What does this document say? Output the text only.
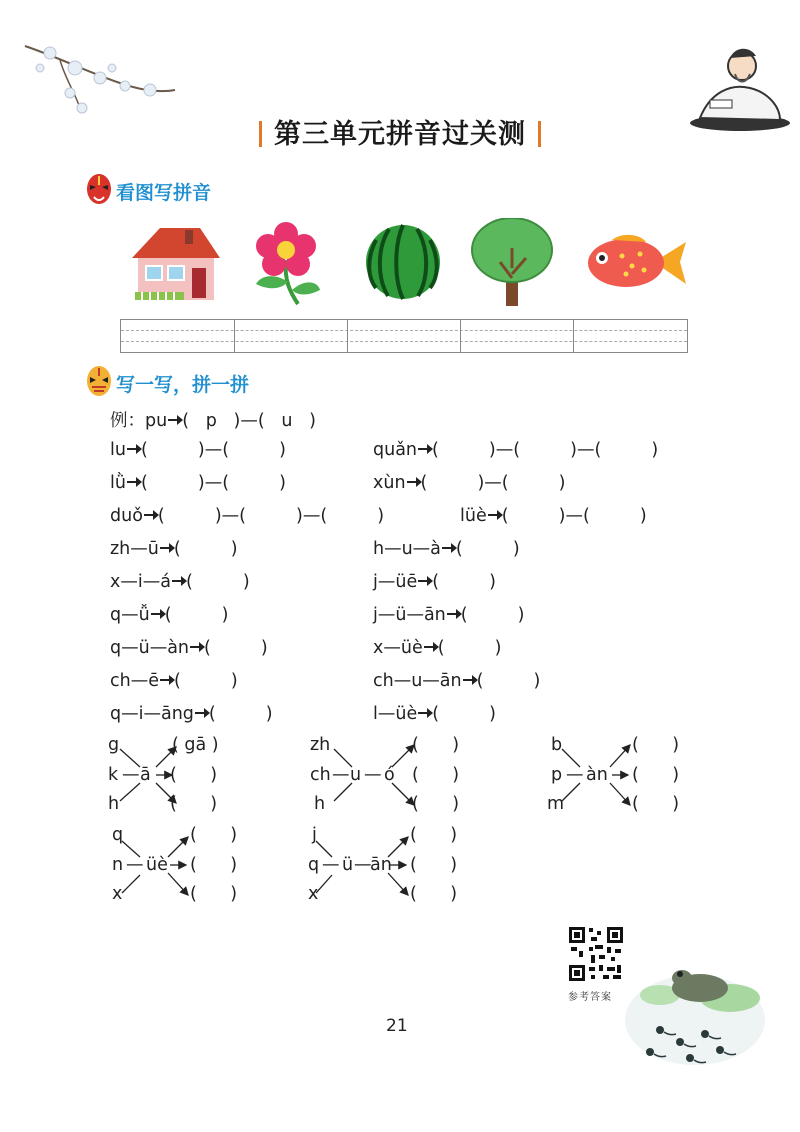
第三单元拼音过关测
看图写拼音
写一写，拼一拼
例：pu (   p   )—(   u   )
lu (         )—(         )
lǜ (         )—(         )
duǒ (         )—(         )—(         )
zh—ū (         )
x—i—á (         )
q—ǚ (         )
q—ü—àn (         )
ch—ē (         )
q—i—āng (         )
quǎn (         )—(         )—(         )
xùn (         )—(         )
lüè (         )—(         )
h—u—à (         )
j—üē (         )
j—ü—ān (         )
x—üè (         )
ch—u—ān (         )
l—üè (         )
g
k
h
— ā
( gā )
(      )
(      )
zh
ch
h
— u — ó
(      )
(      )
(      )
b
p
m
— àn
(      )
(      )
(      )
q
n
x
— üè
(      )
(      )
(      )
j
q
x
— ü —
ān
(      )
(      )
(      )
参考答案
21
